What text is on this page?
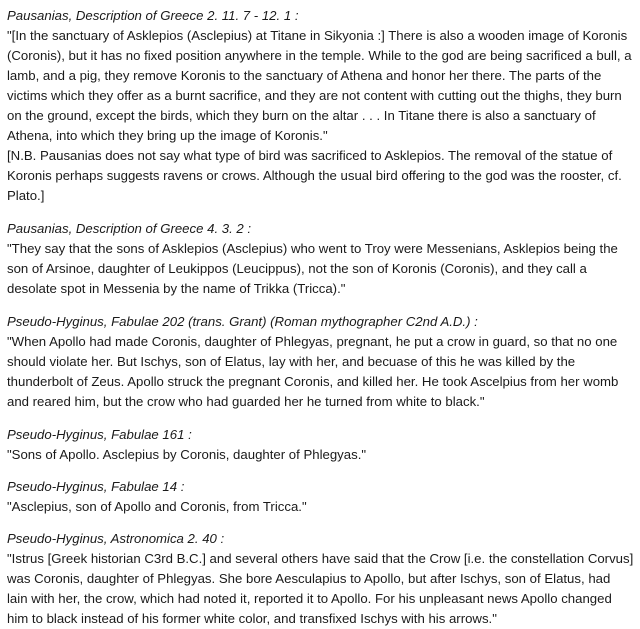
Pausanias, Description of Greece 2. 11. 7 - 12. 1 :
"[In the sanctuary of Asklepios (Asclepius) at Titane in Sikyonia :] There is also a wooden image of Koronis (Coronis), but it has no fixed position anywhere in the temple. While to the god are being sacrificed a bull, a lamb, and a pig, they remove Koronis to the sanctuary of Athena and honor her there. The parts of the victims which they offer as a burnt sacrifice, and they are not content with cutting out the thighs, they burn on the ground, except the birds, which they burn on the altar . . . In Titane there is also a sanctuary of Athena, into which they bring up the image of Koronis."
[N.B. Pausanias does not say what type of bird was sacrificed to Asklepios. The removal of the statue of Koronis perhaps suggests ravens or crows. Although the usual bird offering to the god was the rooster, cf. Plato.]
Pausanias, Description of Greece 4. 3. 2 :
"They say that the sons of Asklepios (Asclepius) who went to Troy were Messenians, Asklepios being the son of Arsinoe, daughter of Leukippos (Leucippus), not the son of Koronis (Coronis), and they call a desolate spot in Messenia by the name of Trikka (Tricca)."
Pseudo-Hyginus, Fabulae 202 (trans. Grant) (Roman mythographer C2nd A.D.) :
"When Apollo had made Coronis, daughter of Phlegyas, pregnant, he put a crow in guard, so that no one should violate her. But Ischys, son of Elatus, lay with her, and becuase of this he was killed by the thunderbolt of Zeus. Apollo struck the pregnant Coronis, and killed her. He took Ascelpius from her womb and reared him, but the crow who had guarded her he turned from white to black."
Pseudo-Hyginus, Fabulae 161 :
"Sons of Apollo. Asclepius by Coronis, daughter of Phlegyas."
Pseudo-Hyginus, Fabulae 14 :
"Asclepius, son of Apollo and Coronis, from Tricca."
Pseudo-Hyginus, Astronomica 2. 40 :
"Istrus [Greek historian C3rd B.C.] and several others have said that the Crow [i.e. the constellation Corvus] was Coronis, daughter of Phlegyas. She bore Aesculapius to Apollo, but after Ischys, son of Elatus, had lain with her, the crow, which had noted it, reported it to Apollo. For his unpleasant news Apollo changed him to black instead of his former white color, and transfixed Ischys with his arrows."
